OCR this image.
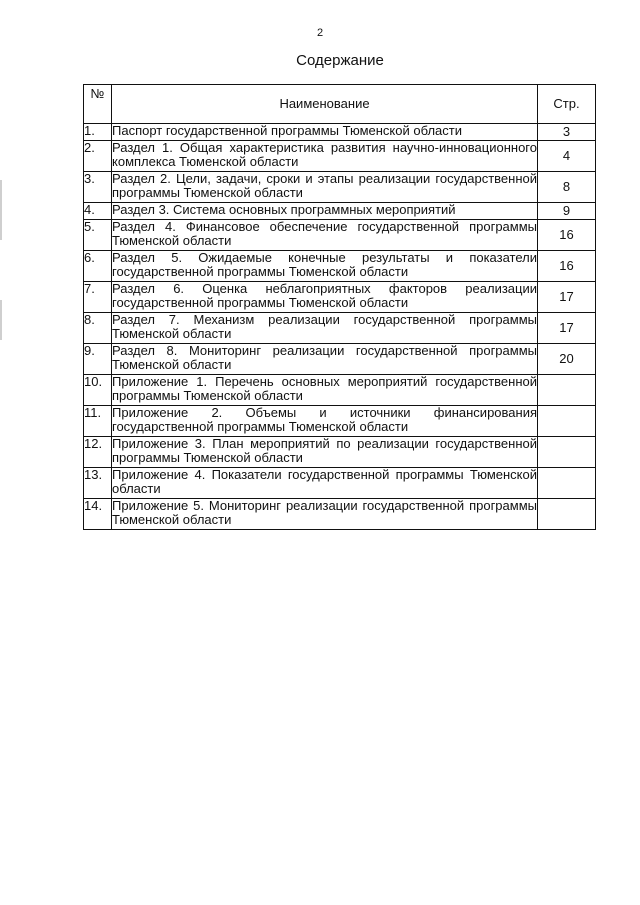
2
Содержание
№	Наименование	Стр.
1.	Паспорт государственной программы Тюменской области	3
2.	Раздел 1. Общая характеристика развития научно-инновационного комплекса Тюменской области	4
3.	Раздел 2. Цели, задачи, сроки и этапы реализации государственной программы Тюменской области	8
4.	Раздел 3. Система основных программных мероприятий	9
5.	Раздел 4. Финансовое обеспечение государственной программы Тюменской области	16
6.	Раздел 5. Ожидаемые конечные результаты и показатели государственной программы Тюменской области	16
7.	Раздел 6. Оценка неблагоприятных факторов реализации государственной программы Тюменской области	17
8.	Раздел 7. Механизм реализации государственной программы Тюменской области	17
9.	Раздел 8. Мониторинг реализации государственной программы Тюменской области	20
10.	Приложение 1. Перечень основных мероприятий государственной программы Тюменской области	
11.	Приложение 2. Объемы и источники финансирования государственной программы Тюменской области	
12.	Приложение 3. План мероприятий по реализации государственной программы Тюменской области	
13.	Приложение 4. Показатели государственной программы Тюменской области	
14.	Приложение 5. Мониторинг реализации государственной программы Тюменской области	
